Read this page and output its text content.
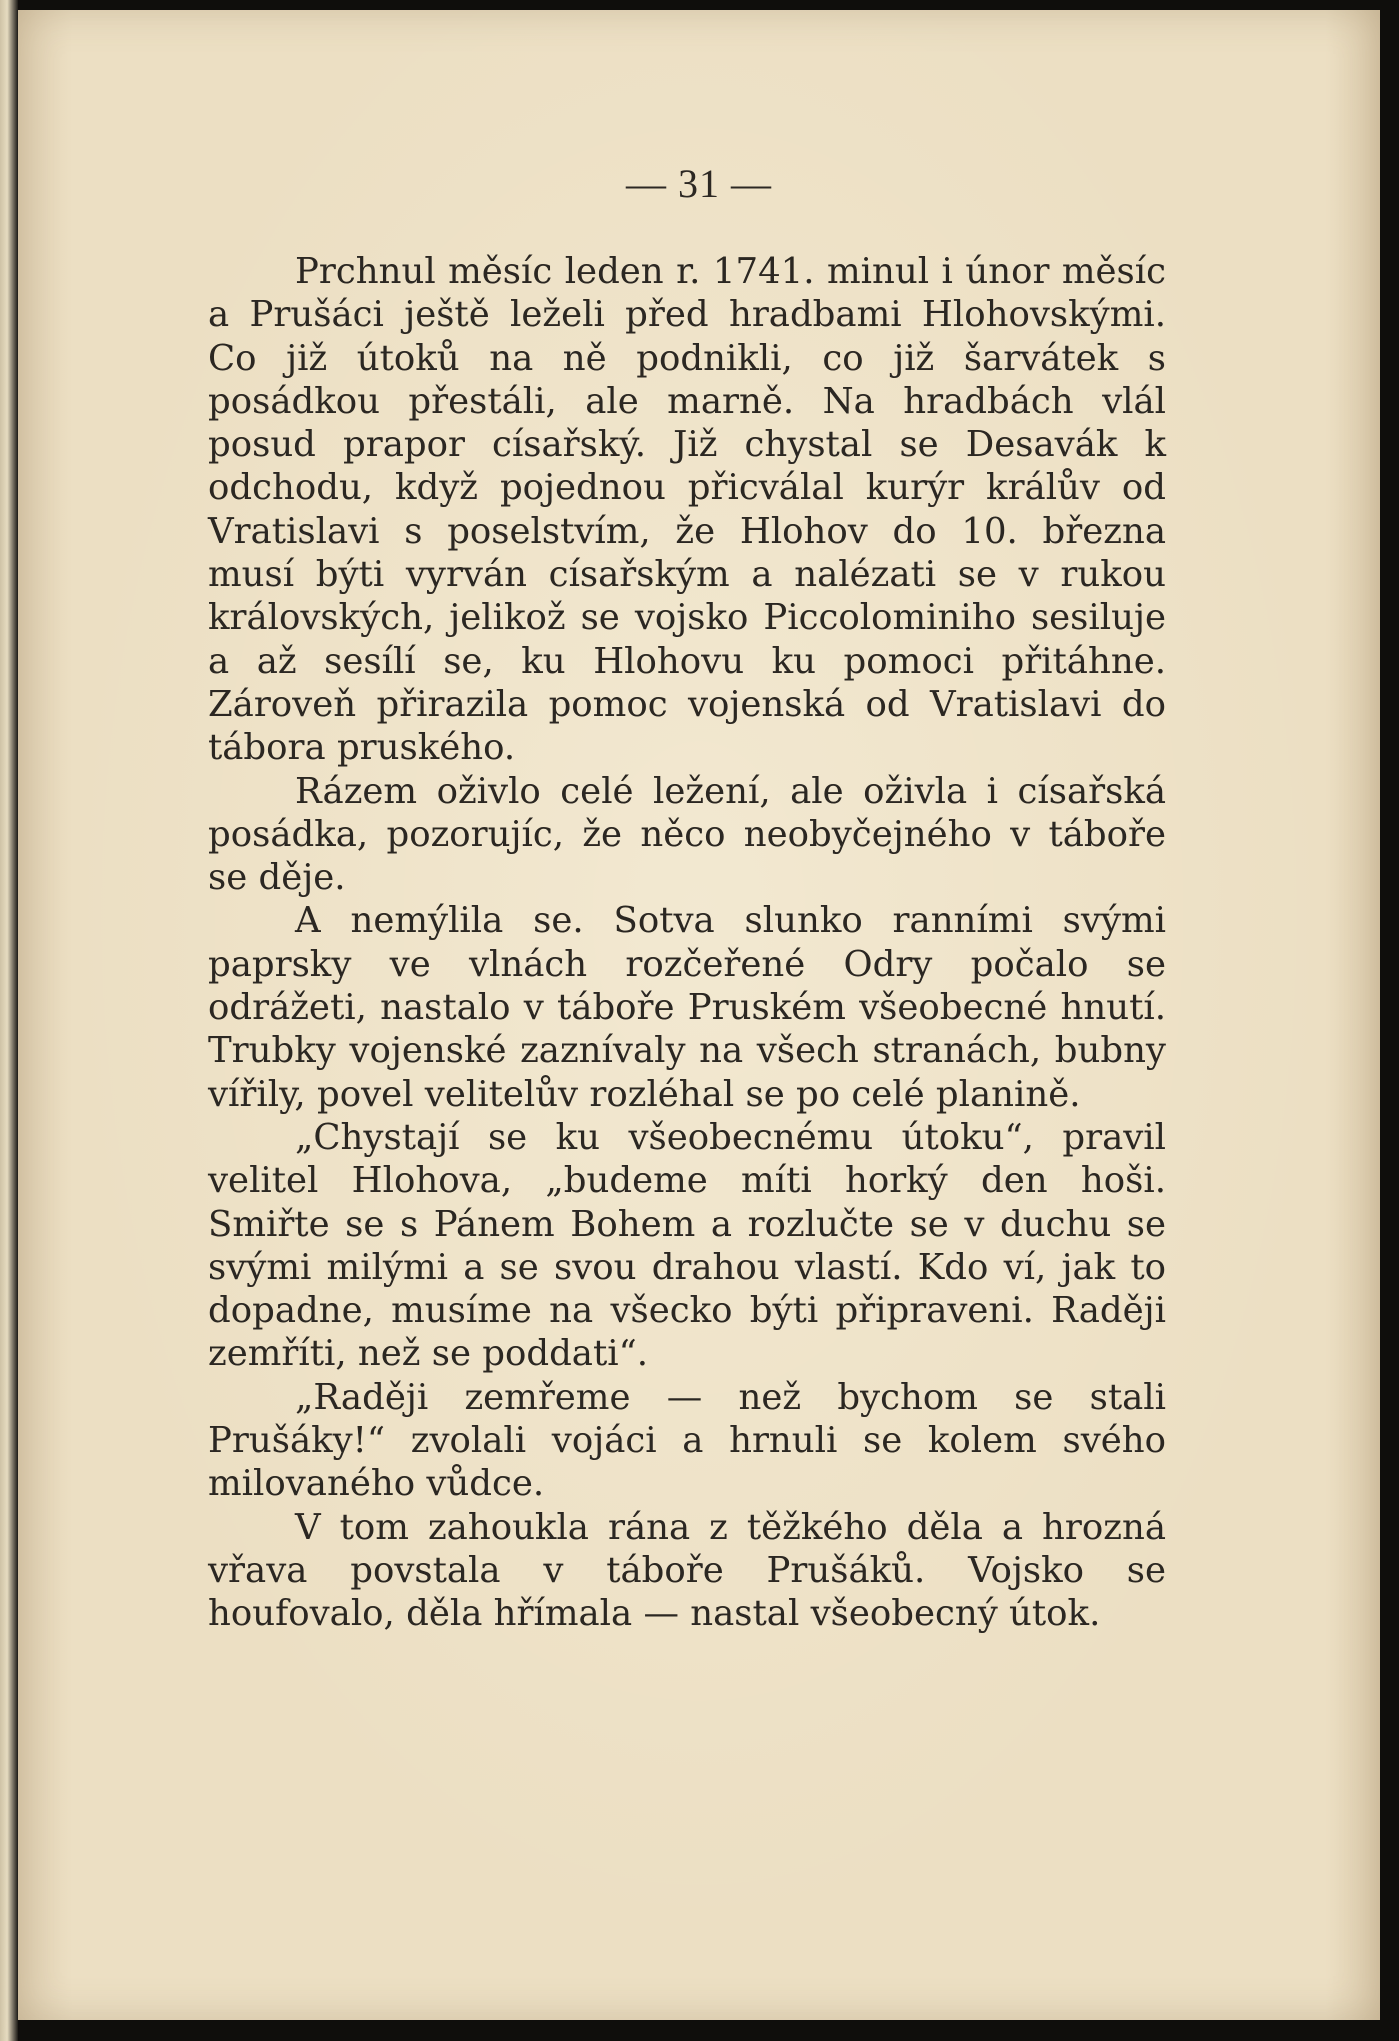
— 31 —

Prchnul měsíc leden r. 1741. minul i únor měsíc a Prušáci ještě leželi před hradbami Hlohovskými. Co již útoků na ně podnikli, co již šarvátek s posádkou přestáli, ale marně. Na hradbách vlál posud prapor císařský. Již chystal se Desavák k odchodu, když pojednou přicválal kurýr králův od Vratislavi s poselstvím, že Hlohov do 10. března musí býti vyrván císařským a nalézati se v rukou královských, jelikož se vojsko Piccolominiho sesiluje a až sesílí se, ku Hlohovu ku pomoci přitáhne. Zároveň přirazila pomoc vojenská od Vratislavi do tábora pruského.

Rázem oživlo celé ležení, ale oživla i císařská posádka, pozorujíc, že něco neobyčejného v táboře se děje.

A nemýlila se. Sotva slunko ranními svými paprsky ve vlnách rozčeřené Odry počalo se odrážeti, nastalo v táboře Pruském všeobecné hnutí. Trubky vojenské zaznívaly na všech stranách, bubny vířily, povel velitelův rozléhal se po celé planině.

„Chystají se ku všeobecnému útoku“, pravil velitel Hlohova, „budeme míti horký den hoši. Smiřte se s Pánem Bohem a rozlučte se v duchu se svými milými a se svou drahou vlastí. Kdo ví, jak to dopadne, musíme na všecko býti připraveni. Raději zemříti, než se poddati“.

„Raději zemřeme — než bychom se stali Prušáky!“ zvolali vojáci a hrnuli se kolem svého milovaného vůdce.

V tom zahoukla rána z těžkého děla a hrozná vřava povstala v táboře Prušáků. Vojsko se houfovalo, děla hřímala — nastal všeobecný útok.
